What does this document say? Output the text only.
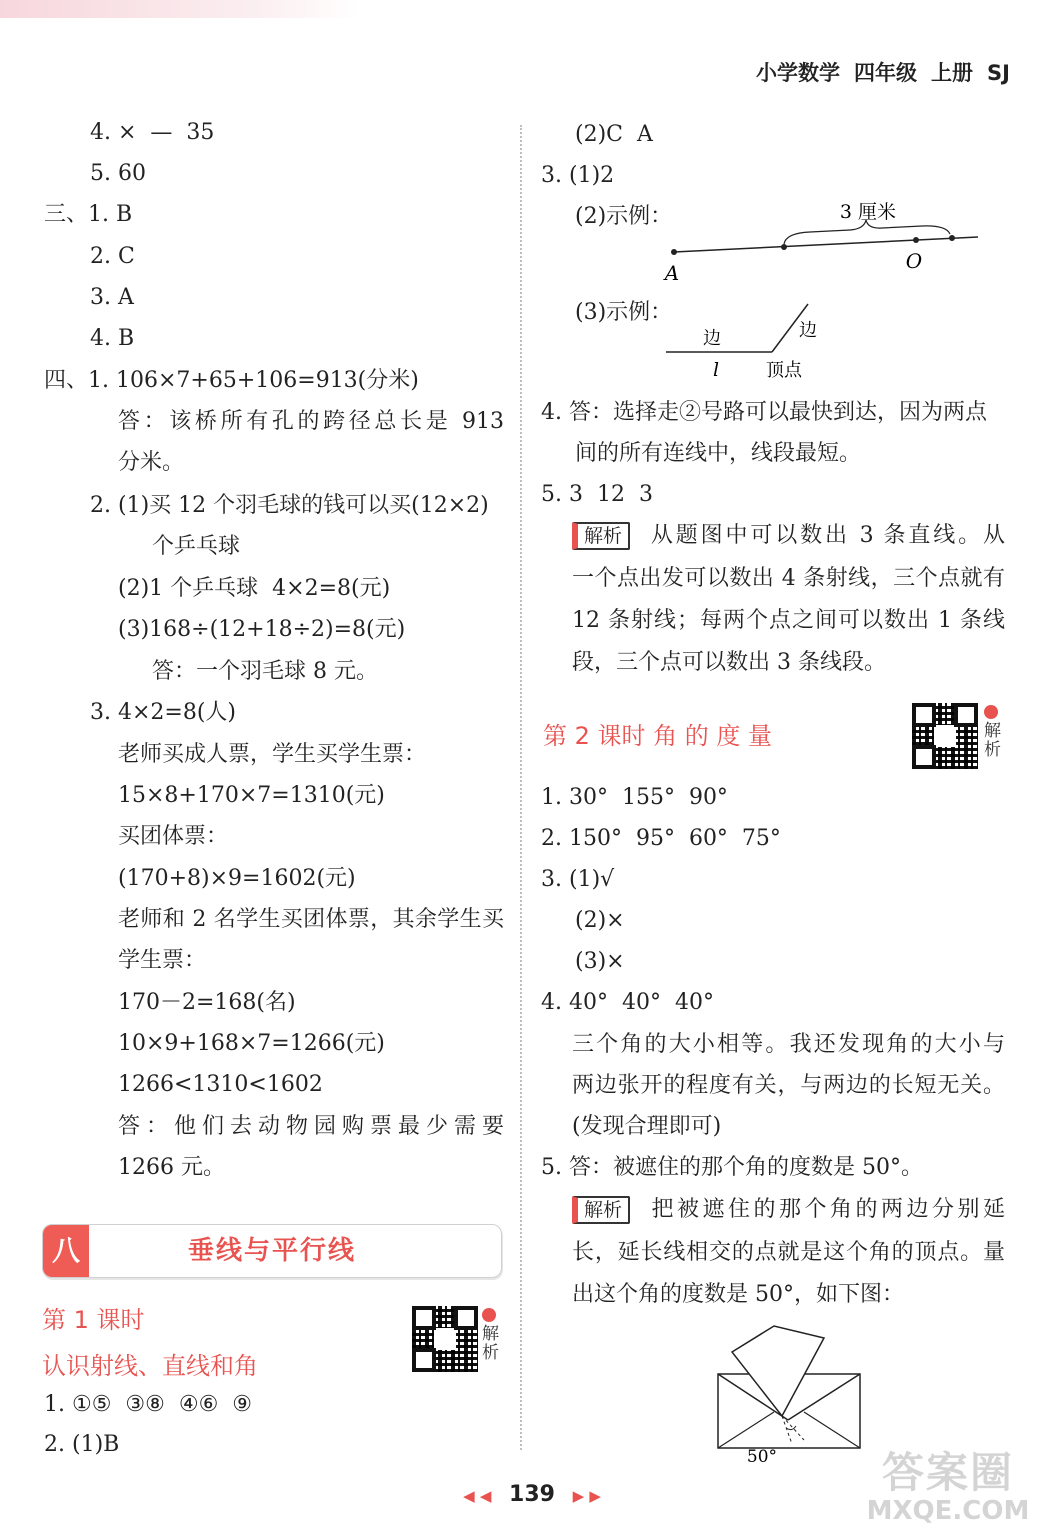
小学数学 四年级 上册 SJ
4. ×  —  35
5. 60
三、1. B
2. C
3. A
4. B
四、1. 106×7+65+106=913(分米)
答：该桥所有孔的跨径总长是 913
分米。
2. (1)买 12 个羽毛球的钱可以买(12×2)
个乒乓球
(2)1 个乒乓球  4×2=8(元)
(3)168÷(12+18÷2)=8(元)
答：一个羽毛球 8 元。
3. 4×2=8(人)
老师买成人票，学生买学生票：
15×8+170×7=1310(元)
买团体票：
(170+8)×9=1602(元)
老师和 2 名学生买团体票，其余学生买
学生票：
170－2=168(名)
10×9+168×7=1266(元)
1266<1310<1602
答：他们去动物园购票最少需要
1266 元。
垂线与平行线
八
第 1 课时
认识射线、直线和角
解析
1. ①⑤  ③⑧  ④⑥  ⑨
2. (1)B
(2)C  A
3. (1)2
(2)示例：	3 厘米
A	O
(3)示例：
边	边
l	顶点
4. 答：选择走②号路可以最快到达，因为两点
间的所有连线中，线段最短。
5. 3  12  3
解析 从题图中可以数出 3 条直线。从
一个点出发可以数出 4 条射线，三个点就有
12 条射线；每两个点之间可以数出 1 条线
段，三个点可以数出 3 条线段。
第 2 课时 角 的 度 量	解析
1. 30°  155°  90°
2. 150°  95°  60°  75°
3. (1)√
(2)×
(3)×
4. 40°  40°  40°
三个角的大小相等。我还发现角的大小与
两边张开的程度有关，与两边的长短无关。
(发现合理即可)
5. 答：被遮住的那个角的度数是 50°。
解析 把被遮住的那个角的两边分别延
长，延长线相交的点就是这个角的顶点。量
出这个角的度数是 50°，如下图：
50°
◀ ◀ 139 ▶ ▶	答案圈
MXQE.COM
